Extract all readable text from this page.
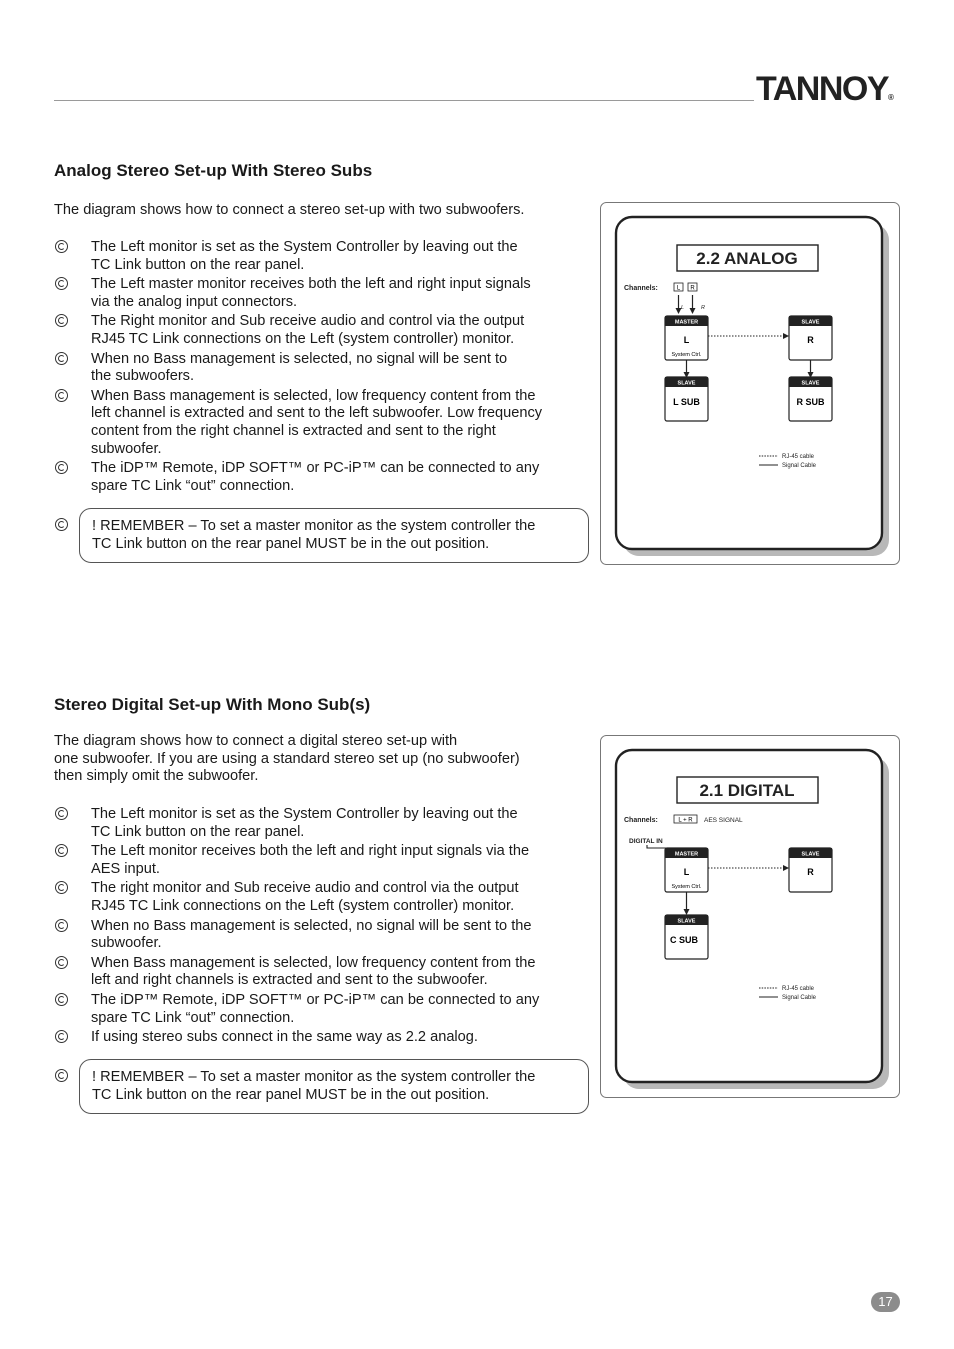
TANNOY®
Analog Stereo Set-up With Stereo Subs
The diagram shows how to connect a stereo set-up with two subwoofers.
The Left monitor is set as the System Controller by leaving out the
TC Link button on the rear panel.
The Left master monitor receives both the left and right input signals
via the analog input connectors.
The Right monitor and Sub receive audio and control via the output
RJ45 TC Link connections on the Left (system controller) monitor.
When no Bass management is selected, no signal will be sent to
the subwoofers.
When Bass management is selected, low frequency content from the
left channel is extracted and sent to the left subwoofer. Low frequency
content from the right channel is extracted and sent to the right
subwoofer.
The iDP™ Remote, iDP SOFT™ or PC-iP™ can be connected to any
spare TC Link “out” connection.
! REMEMBER – To set a master monitor as the system controller the
TC Link button on the rear panel MUST be in the out position.
2.2 ANALOG
Channels:	L R
L	R
MASTER
L
System Ctrl.
SLAVE
R
SLAVE
L SUB
SLAVE
R SUB
RJ-45 cable
Signal Cable
Stereo Digital Set-up With Mono Sub(s)
The diagram shows how to connect a digital stereo set-up with
one subwoofer. If you are using a standard stereo set up (no subwoofer)
then simply omit the subwoofer.
The Left monitor is set as the System Controller by leaving out the
TC Link button on the rear panel.
The Left monitor receives both the left and right input signals via the
AES input.
The right monitor and Sub receive audio and control via the output
RJ45 TC Link connections on the Left (system controller) monitor.
When no Bass management is selected, no signal will be sent to the
subwoofer.
When Bass management is selected, low frequency content from the
left and right channels is extracted and sent to the subwoofer.
The iDP™ Remote, iDP SOFT™ or PC-iP™ can be connected to any
spare TC Link “out” connection.
If using stereo subs connect in the same way as 2.2 analog.
! REMEMBER – To set a master monitor as the system controller the
TC Link button on the rear panel MUST be in the out position.
2.1 DIGITAL
Channels:	L + R AES SIGNAL
DIGITAL IN
MASTER
L
System Ctrl.
SLAVE
R
SLAVE
C SUB
RJ-45 cable
Signal Cable
17
